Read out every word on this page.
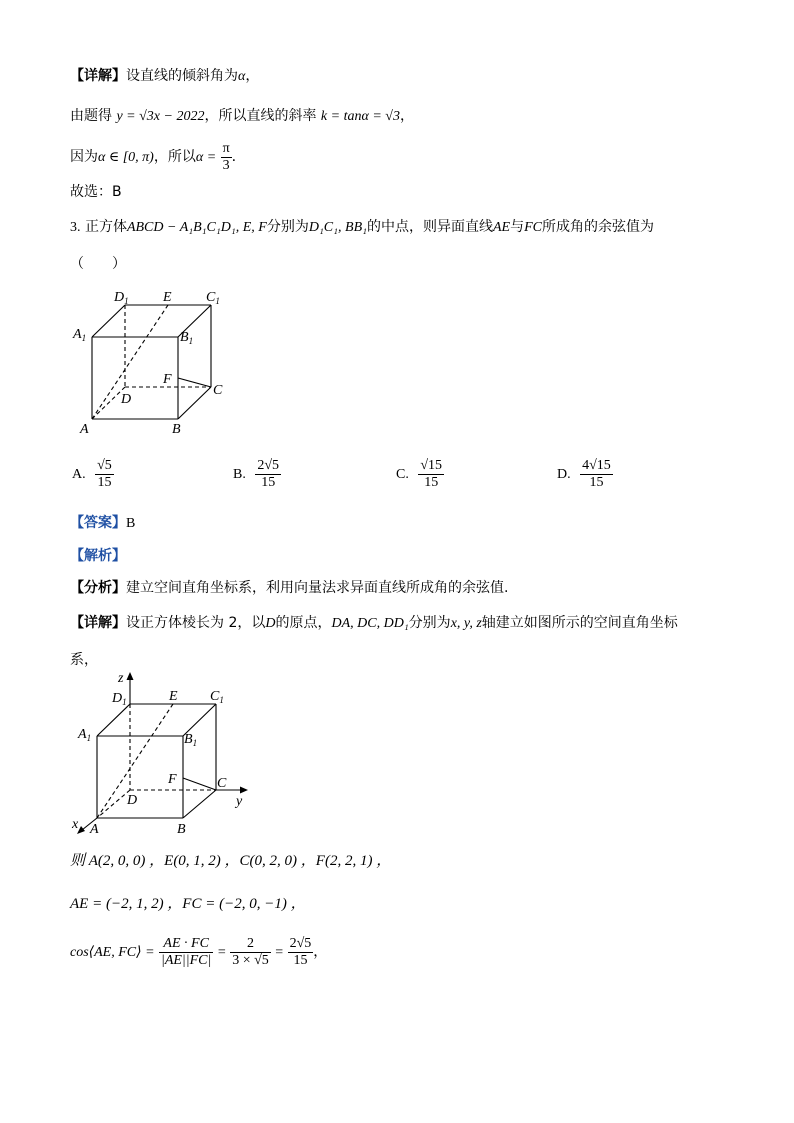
【详解】设直线的倾斜角为α，
由题得 y = √3x − 2022，所以直线的斜率 k = tanα = √3，
因为α ∈ [0, π)，所以$\alpha = \frac{\pi}{3}$ .
故选：B
3. 正方体ABCD − A₁B₁C₁D₁, E, F分别为D₁C₁, BB₁的中点，则异面直线AE与FC所成角的余弦值为
（　　）
$D_1$ E $C_1$
$A_1$	$B_1$
F
C
D
A	B
A. $\frac{√5}{15}$	B. $\frac{2√5}{15}$	C. $\frac{√15}{15}$	D. $\frac{4√15}{15}$
【答案】B
【解析】
【分析】建立空间直角坐标系，利用向量法求异面直线所成角的余弦值.
【详解】设正方体棱长为 2，以D的原点，DA, DC, DD₁分别为x, y, z轴建立如图所示的空间直角坐标
系，
z
y
x
$D_1$	E $C_1$
$A_1$	$B_1$
F	C
D
A	B
则 A(2, 0, 0) ，E(0, 1, 2) ，C(0, 2, 0) ，F(2, 2, 1) ，
AE = (−2, 1, 2) ，FC = (−2, 0, −1) ，
cos⟨AE, FC⟩ = $\frac{AE \cdot FC}{|AE||FC|} = \frac{2}{3 \times √5} = \frac{2√5}{15}$ ，
